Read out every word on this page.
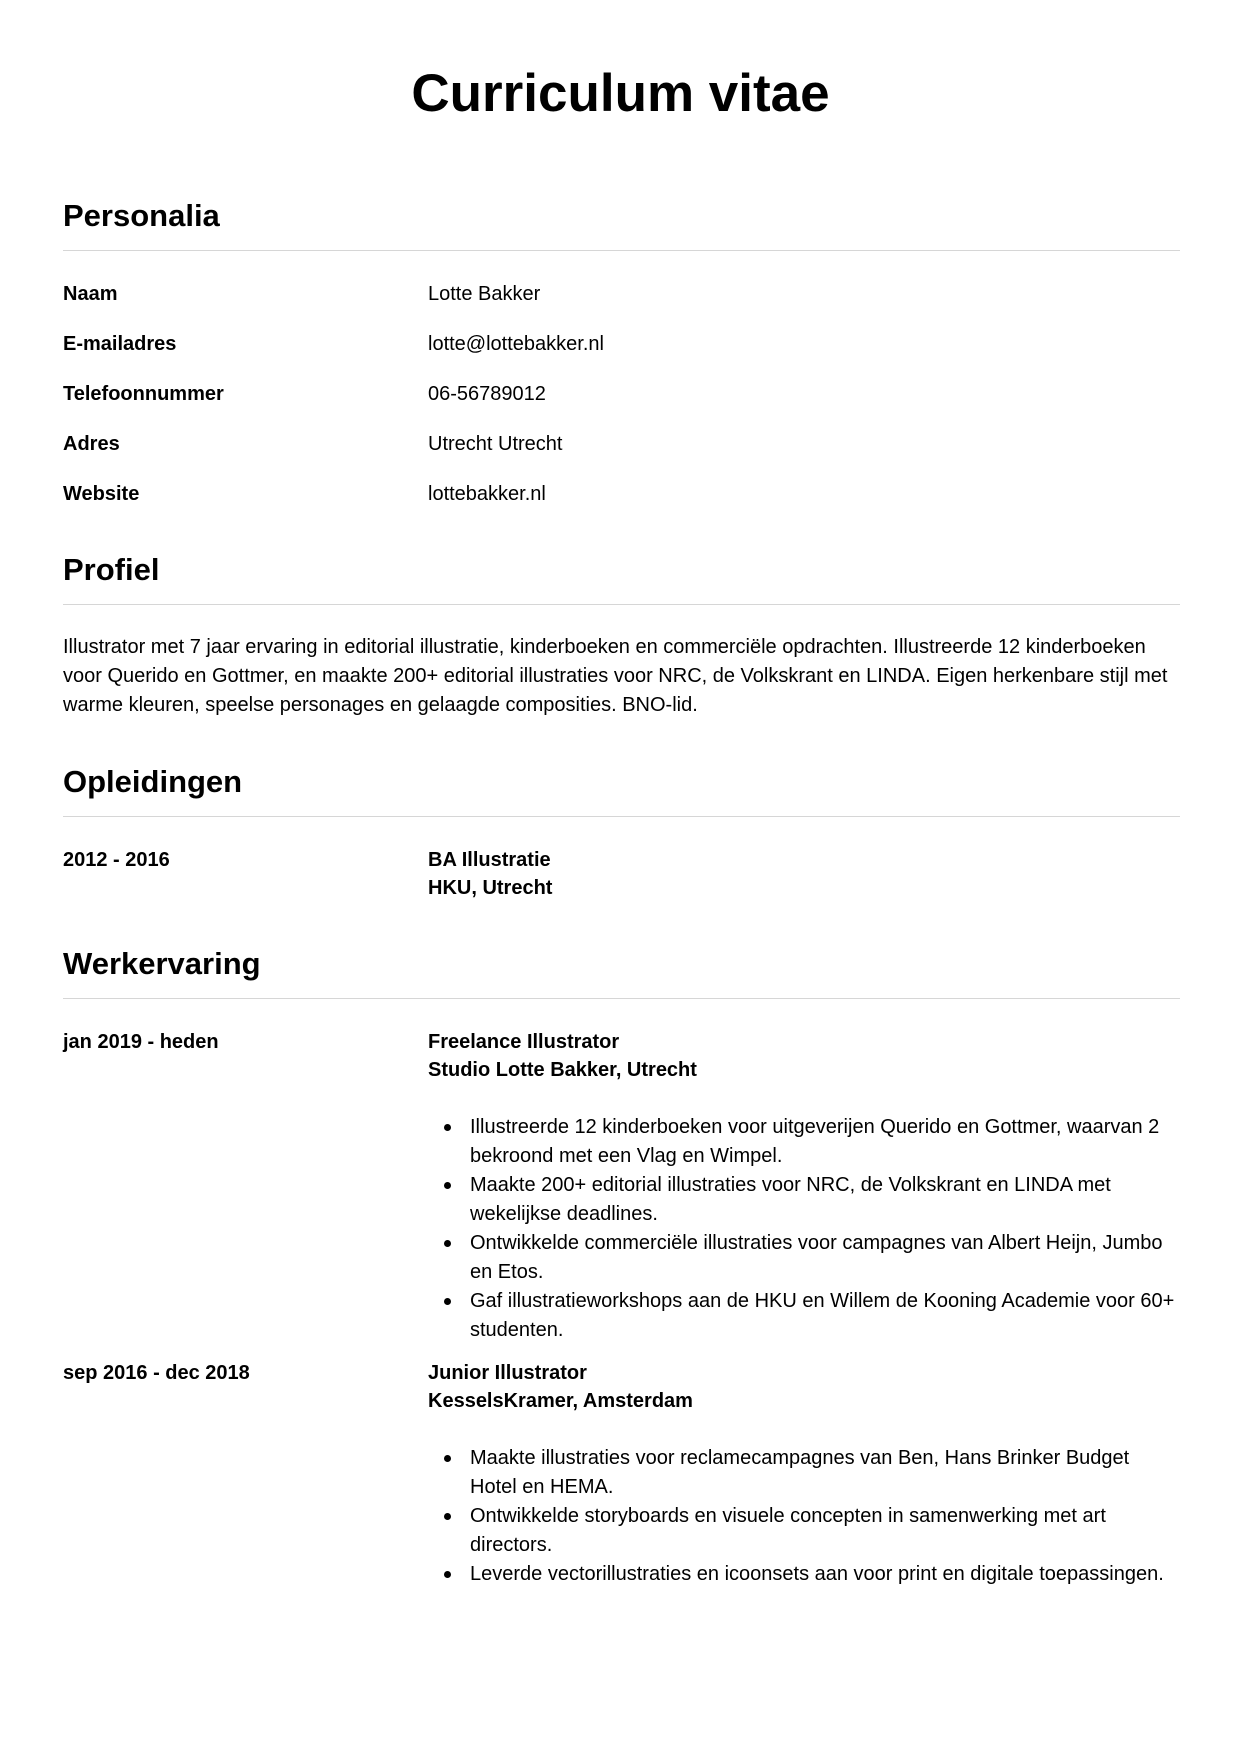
Curriculum vitae
Personalia
Naam	Lotte Bakker
E-mailadres	lotte@lottebakker.nl
Telefoonnummer	06-56789012
Adres	Utrecht Utrecht
Website	lottebakker.nl
Profiel

Illustrator met 7 jaar ervaring in editorial illustratie, kinderboeken en commerciële opdrachten. Illustreerde 12 kinderboeken voor Querido en Gottmer, en maakte 200+ editorial illustraties voor NRC, de Volkskrant en LINDA. Eigen herkenbare stijl met warme kleuren, speelse personages en gelaagde composities. BNO-lid.

Opleidingen
2012 - 2016	BA Illustratie
HKU, Utrecht
Werkervaring
jan 2019 - heden	Freelance Illustrator
Studio Lotte Bakker, Utrecht
Illustreerde 12 kinderboeken voor uitgeverijen Querido en Gottmer, waarvan 2 bekroond met een Vlag en Wimpel.
Maakte 200+ editorial illustraties voor NRC, de Volkskrant en LINDA met wekelijkse deadlines.
Ontwikkelde commerciële illustraties voor campagnes van Albert Heijn, Jumbo en Etos.
Gaf illustratieworkshops aan de HKU en Willem de Kooning Academie voor 60+ studenten.
sep 2016 - dec 2018	Junior Illustrator
KesselsKramer, Amsterdam
Maakte illustraties voor reclamecampagnes van Ben, Hans Brinker Budget Hotel en HEMA.
Ontwikkelde storyboards en visuele concepten in samenwerking met art directors.
Leverde vectorillustraties en icoonsets aan voor print en digitale toepassingen.
